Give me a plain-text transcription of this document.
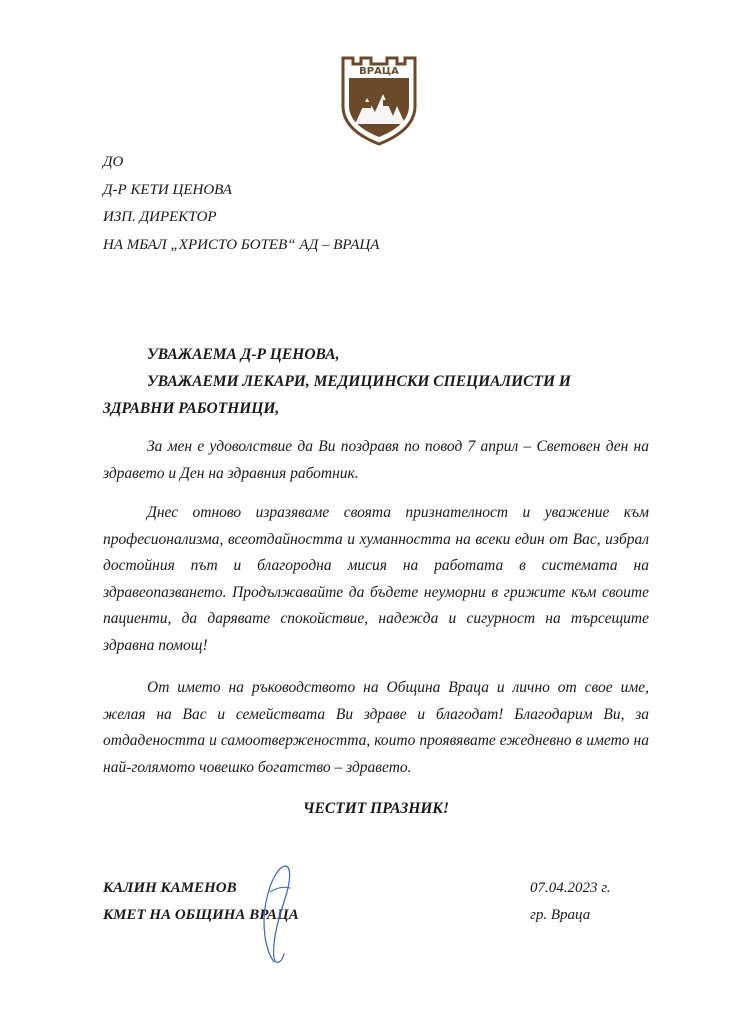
ВРАЦА
ДО
Д-Р КЕТИ ЦЕНОВА
ИЗП. ДИРЕКТОР
НА МБАЛ „ХРИСТО БОТЕВ“ АД – ВРАЦА
УВАЖАЕМА Д-Р ЦЕНОВА,
УВАЖАЕМИ ЛЕКАРИ, МЕДИЦИНСКИ СПЕЦИАЛИСТИ И
ЗДРАВНИ РАБОТНИЦИ,

За мен е удоволствие да Ви поздравя по повод 7 април – Световен ден на здравето и Ден на здравния работник.

Днес отново изразяваме своята признателност и уважение към професионализма, всеотдайността и хуманността на всеки един от Вас, избрал достойния път и благородна мисия на работата в системата на здравеопазването. Продължавайте да бъдете неуморни в грижите към своите пациенти, да дарявате спокойствие, надежда и сигурност на търсещите здравна помощ!

От името на ръководството на Община Враца и лично от свое име, желая на Вас и семействата Ви здраве и благодат! Благодарим Ви, за отдадеността и самоотвержеността, които проявявате ежедневно в името на най-голямото човешко богатство – здравето.

ЧЕСТИТ ПРАЗНИК!
КАЛИН КАМЕНОВ
КМЕТ НА ОБЩИНА ВРАЦА
07.04.2023 г.
гр. Враца
